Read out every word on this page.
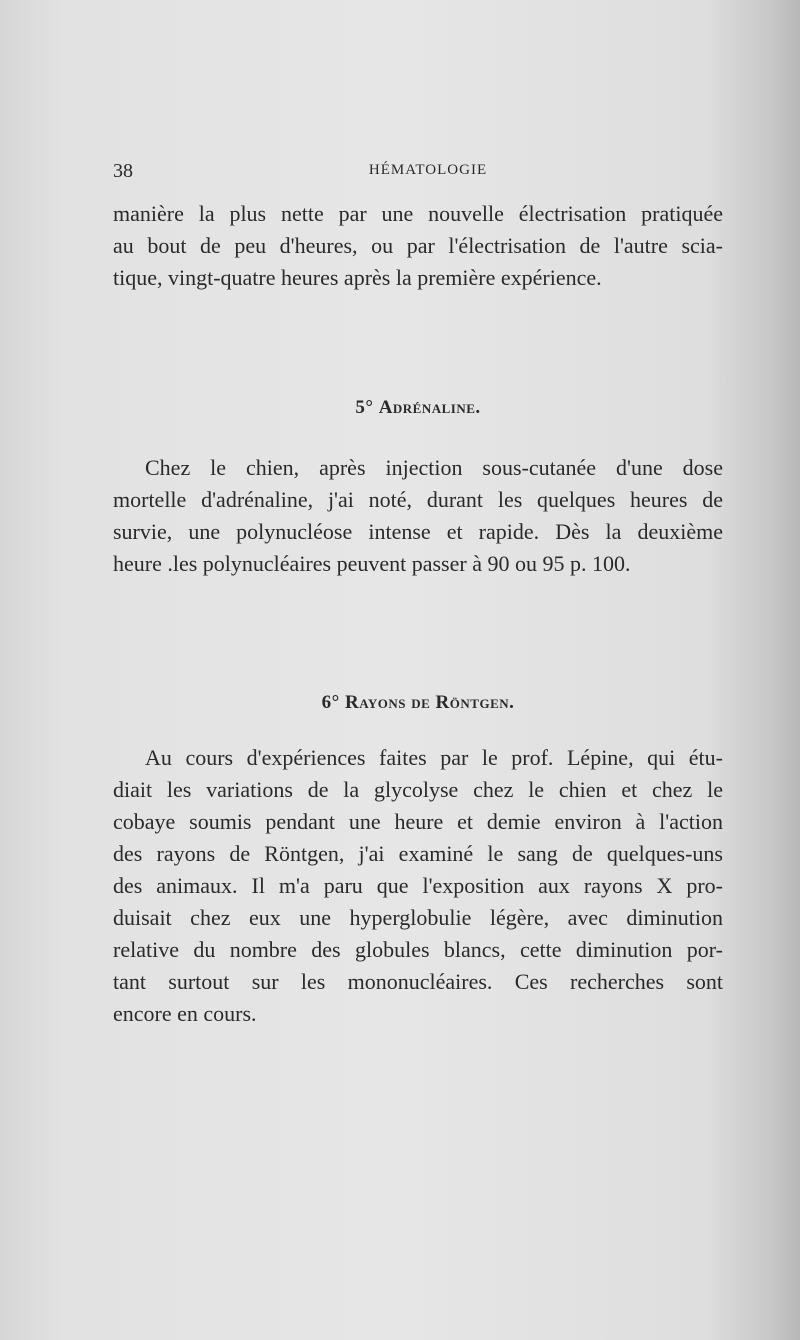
38	HÉMATOLOGIE

manière la plus nette par une nouvelle électrisation pratiquée
au bout de peu d'heures, ou par l'électrisation de l'autre scia-
tique, vingt-quatre heures après la première expérience.

5° Adrénaline.

Chez le chien, après injection sous-cutanée d'une dose
mortelle d'adrénaline, j'ai noté, durant les quelques heures de
survie, une polynucléose intense et rapide. Dès la deuxième
heure .les polynucléaires peuvent passer à 90 ou 95 p. 100.

6° Rayons de Röntgen.

Au cours d'expériences faites par le prof. Lépine, qui étu-
diait les variations de la glycolyse chez le chien et chez le
cobaye soumis pendant une heure et demie environ à l'action
des rayons de Röntgen, j'ai examiné le sang de quelques-uns
des animaux. Il m'a paru que l'exposition aux rayons X pro-
duisait chez eux une hyperglobulie légère, avec diminution
relative du nombre des globules blancs, cette diminution por-
tant surtout sur les mononucléaires. Ces recherches sont
encore en cours.
